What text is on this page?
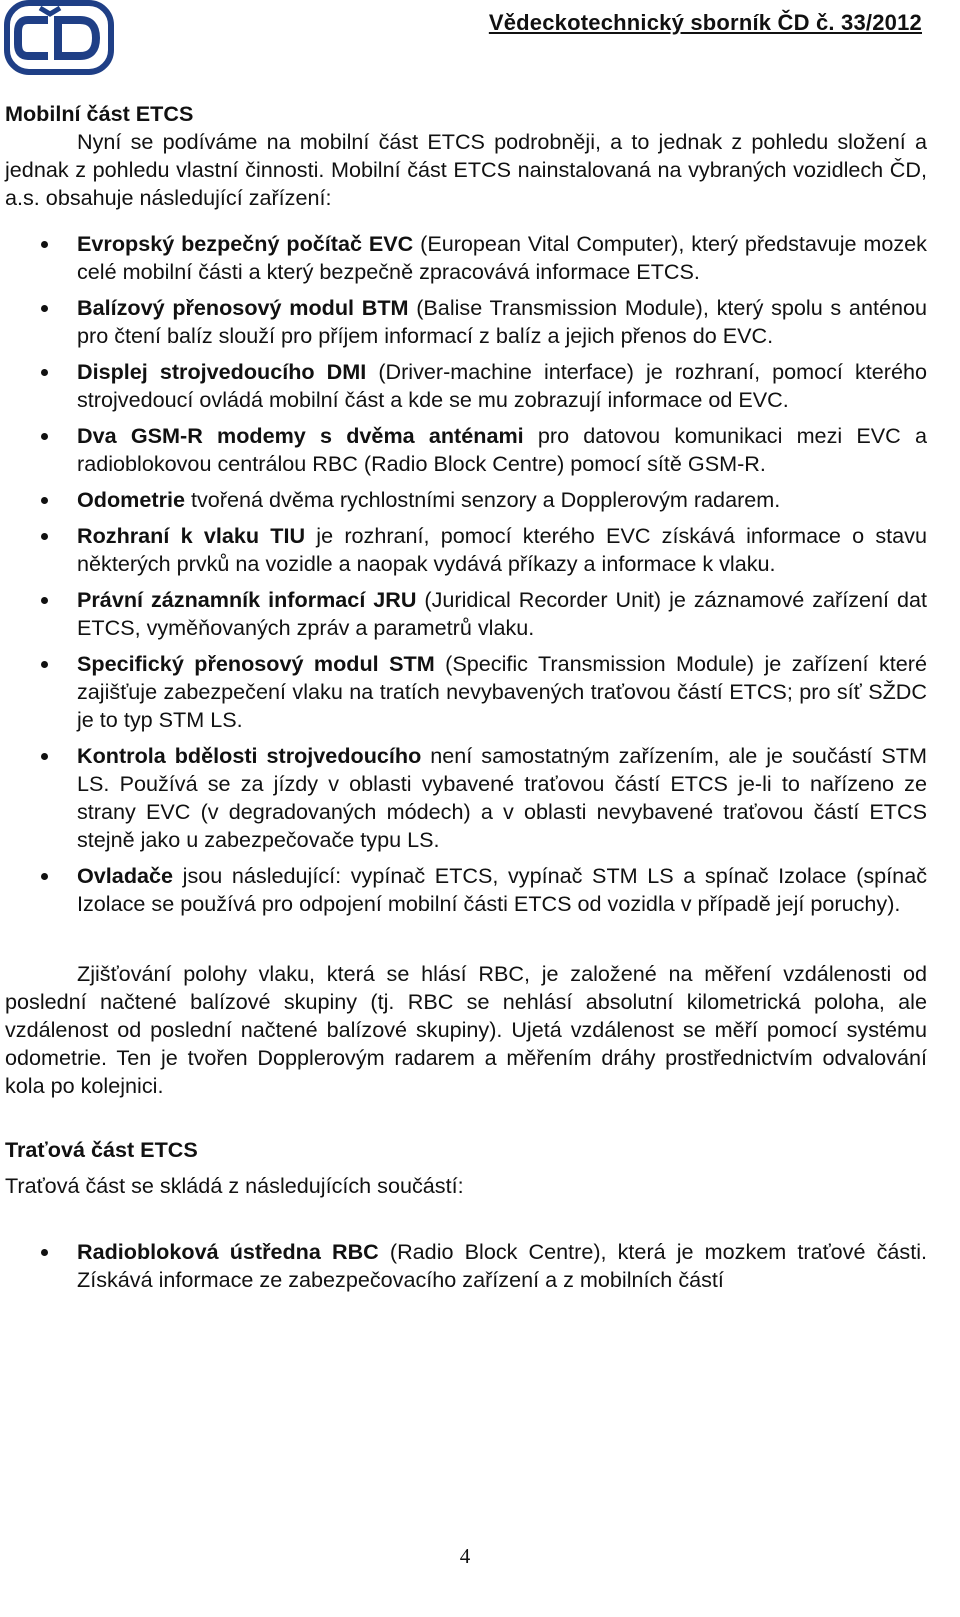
Vědeckotechnický sborník ČD č. 33/2012
Mobilní část ETCS

Nyní se podíváme na mobilní část ETCS podrobněji, a to jednak z pohledu složení a jednak z pohledu vlastní činnosti. Mobilní část ETCS nainstalovaná na vybraných vozidlech ČD, a.s. obsahuje následující zařízení:

Evropský bezpečný počítač EVC (European Vital Computer), který představuje mozek celé mobilní části a který bezpečně zpracovává informace ETCS.
Balízový přenosový modul BTM (Balise Transmission Module), který spolu s anténou pro čtení balíz slouží pro příjem informací z balíz a jejich přenos do EVC.
Displej strojvedoucího DMI (Driver-machine interface) je rozhraní, pomocí kterého strojvedoucí ovládá mobilní část a kde se mu zobrazují informace od EVC.
Dva GSM-R modemy s dvěma anténami pro datovou komunikaci mezi EVC a radioblokovou centrálou RBC (Radio Block Centre) pomocí sítě GSM-R.
Odometrie tvořená dvěma rychlostními senzory a Dopplerovým radarem.
Rozhraní k vlaku TIU je rozhraní, pomocí kterého EVC získává informace o stavu některých prvků na vozidle a naopak vydává příkazy a informace k vlaku.
Právní záznamník informací JRU (Juridical Recorder Unit) je záznamové zařízení dat ETCS, vyměňovaných zpráv a parametrů vlaku.
Specifický přenosový modul STM (Specific Transmission Module) je zařízení které zajišťuje zabezpečení vlaku na tratích nevybavených traťovou částí ETCS; pro síť SŽDC je to typ STM LS.
Kontrola bdělosti strojvedoucího není samostatným zařízením, ale je součástí STM LS. Používá se za jízdy v oblasti vybavené traťovou částí ETCS je-li to nařízeno ze strany EVC (v degradovaných módech) a v oblasti nevybavené traťovou částí ETCS stejně jako u zabezpečovače typu LS.
Ovladače jsou následující: vypínač ETCS, vypínač STM LS a spínač Izolace (spínač Izolace se používá pro odpojení mobilní části ETCS od vozidla v případě její poruchy).

Zjišťování polohy vlaku, která se hlásí RBC, je založené na měření vzdálenosti od poslední načtené balízové skupiny (tj. RBC se nehlásí absolutní kilometrická poloha, ale vzdálenost od poslední načtené balízové skupiny). Ujetá vzdálenost se měří pomocí systému odometrie. Ten je tvořen Dopplerovým radarem a měřením dráhy prostřednictvím odvalování kola po kolejnici.

Traťová část ETCS

Traťová část se skládá z následujících součástí:

Radiobloková ústředna RBC (Radio Block Centre), která je mozkem traťové části. Získává informace ze zabezpečovacího zařízení a z mobilních částí
4
